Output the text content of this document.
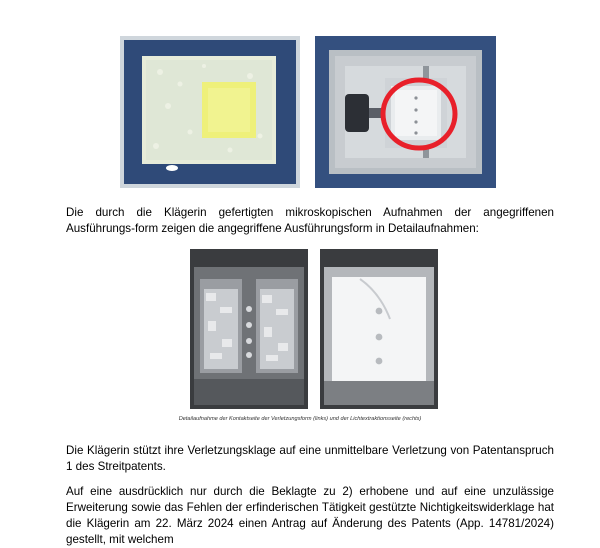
Die durch die Klägerin gefertigten mikroskopischen Aufnahmen der angegriffenen Ausführungs-form zeigen die angegriffene Ausführungsform in Detailaufnahmen:

Detailaufnahme der Kontaktseite der Verletzungsform (links) und der Lichtextraktionsseite (rechts)

Die Klägerin stützt ihre Verletzungsklage auf eine unmittelbare Verletzung von Patentanspruch 1 des Streitpatents.

Auf eine ausdrücklich nur durch die Beklagte zu 2) erhobene und auf eine unzulässige Erweiterung sowie das Fehlen der erfinderischen Tätigkeit gestützte Nichtigkeitswiderklage hat die Klägerin am 22. März 2024 einen Antrag auf Änderung des Patents (App. 14781/2024) gestellt, mit welchem
